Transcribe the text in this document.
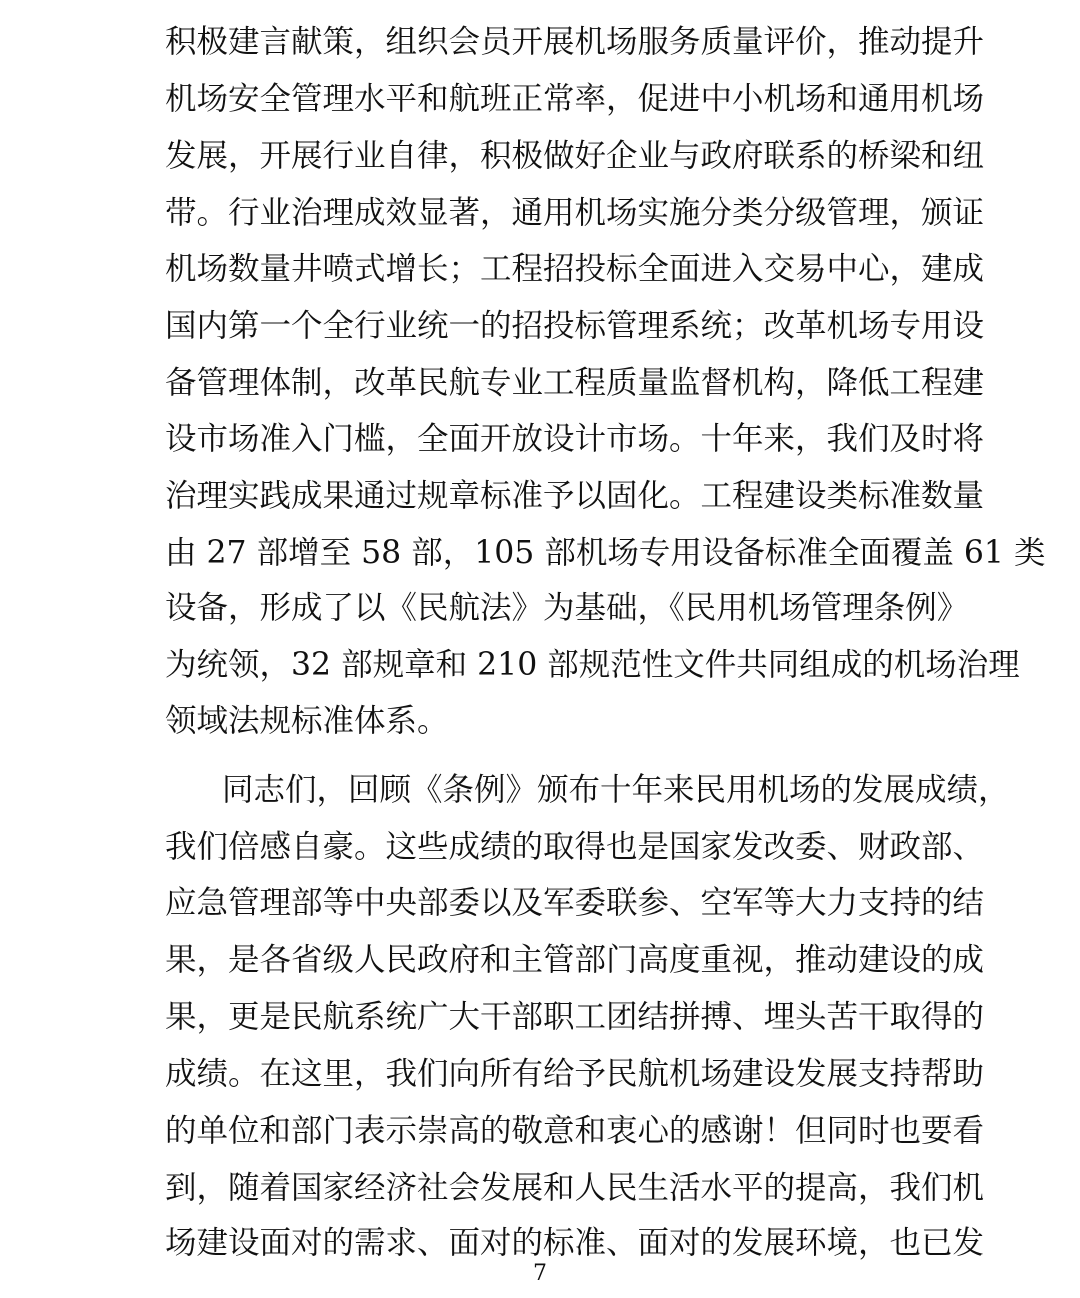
积极建言献策，组织会员开展机场服务质量评价，推动提升
机场安全管理水平和航班正常率，促进中小机场和通用机场
发展，开展行业自律，积极做好企业与政府联系的桥梁和纽
带。行业治理成效显著，通用机场实施分类分级管理，颁证
机场数量井喷式增长；工程招投标全面进入交易中心，建成
国内第一个全行业统一的招投标管理系统；改革机场专用设
备管理体制，改革民航专业工程质量监督机构，降低工程建
设市场准入门槛，全面开放设计市场。十年来，我们及时将
治理实践成果通过规章标准予以固化。工程建设类标准数量
由 27 部增至 58 部，105 部机场专用设备标准全面覆盖 61 类
设备，形成了以《民航法》为基础，《民用机场管理条例》
为统领，32 部规章和 210 部规范性文件共同组成的机场治理
领域法规标准体系。
同志们，回顾《条例》颁布十年来民用机场的发展成绩，
我们倍感自豪。这些成绩的取得也是国家发改委、财政部、
应急管理部等中央部委以及军委联参、空军等大力支持的结
果，是各省级人民政府和主管部门高度重视，推动建设的成
果，更是民航系统广大干部职工团结拼搏、埋头苦干取得的
成绩。在这里，我们向所有给予民航机场建设发展支持帮助
的单位和部门表示崇高的敬意和衷心的感谢！但同时也要看
到，随着国家经济社会发展和人民生活水平的提高，我们机
场建设面对的需求、面对的标准、面对的发展环境，也已发
7
